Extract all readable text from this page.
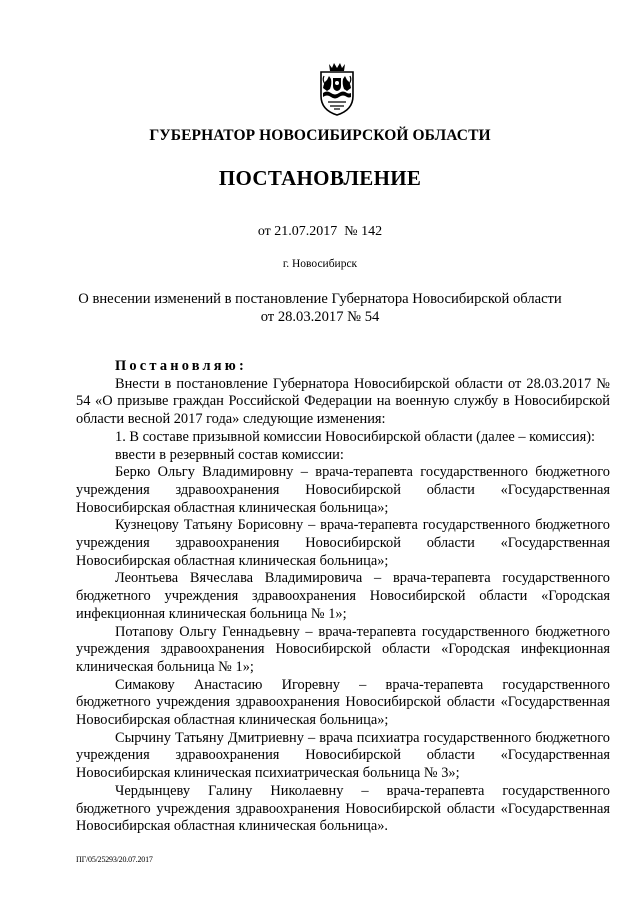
ГУБЕРНАТОР НОВОСИБИРСКОЙ ОБЛАСТИ
ПОСТАНОВЛЕНИЕ
от 21.07.2017  № 142
г. Новосибирск
О внесении изменений в постановление Губернатора Новосибирской области
от 28.03.2017 № 54

Постановляю:

Внести в постановление Губернатора Новосибирской области от 28.03.2017 № 54 «О призыве граждан Российской Федерации на военную службу в Новосибирской области весной 2017 года» следующие изменения:

1. В составе призывной комиссии Новосибирской области (далее – комиссия):

ввести в резервный состав комиссии:

Берко Ольгу Владимировну – врача-терапевта государственного бюджетного учреждения здравоохранения Новосибирской области «Государственная Новосибирская областная клиническая больница»;

Кузнецову Татьяну Борисовну – врача-терапевта государственного бюджетного учреждения здравоохранения Новосибирской области «Государственная Новосибирская областная клиническая больница»;

Леонтьева Вячеслава Владимировича – врача-терапевта государственного бюджетного учреждения здравоохранения Новосибирской области «Городская инфекционная клиническая больница № 1»;

Потапову Ольгу Геннадьевну – врача-терапевта государственного бюджетного учреждения здравоохранения Новосибирской области «Городская инфекционная клиническая больница № 1»;

Симакову Анастасию Игоревну – врача-терапевта государственного бюджетного учреждения здравоохранения Новосибирской области «Государственная Новосибирская областная клиническая больница»;

Сырчину Татьяну Дмитриевну – врача психиатра государственного бюджетного учреждения здравоохранения Новосибирской области «Государственная Новосибирская клиническая психиатрическая больница № 3»;

Чердынцеву Галину Николаевну – врача-терапевта государственного бюджетного учреждения здравоохранения Новосибирской области «Государственная Новосибирская областная клиническая больница».

ПГ/05/25293/20.07.2017
